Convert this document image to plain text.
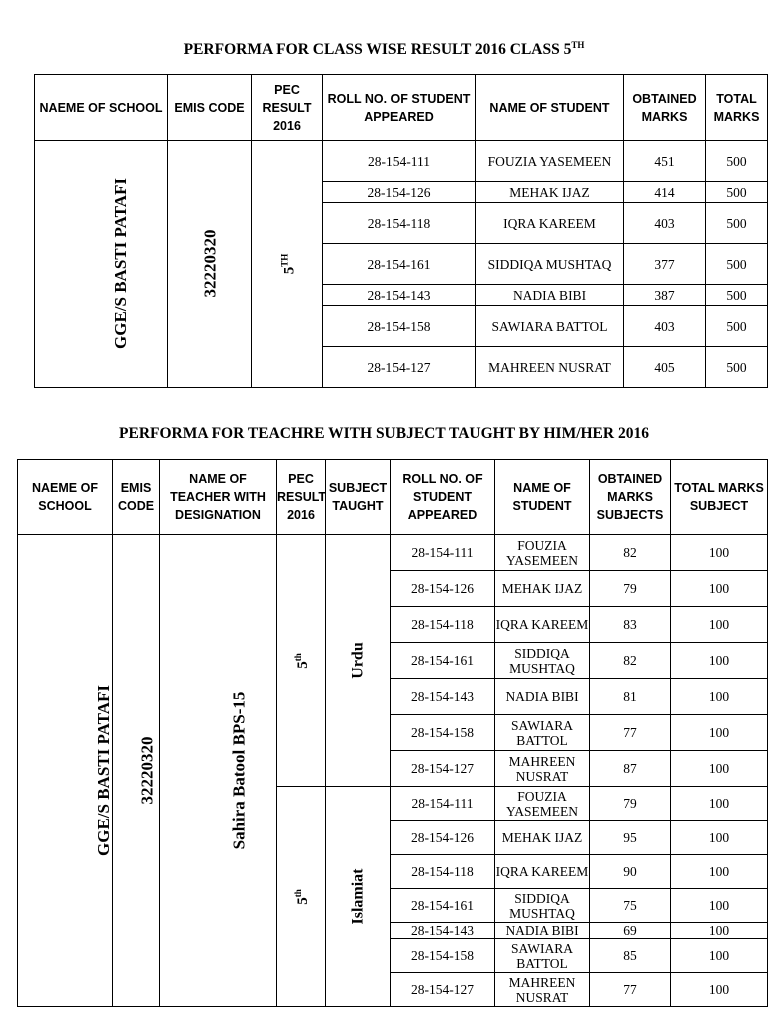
PERFORMA FOR CLASS WISE RESULT 2016 CLASS 5TH
NAEME OF SCHOOL	EMIS CODE	PEC RESULT 2016	ROLL NO. OF STUDENT APPEARED	NAME OF STUDENT	OBTAINED MARKS	TOTAL MARKS
GGE/S BASTI PATAFI	32220320	5TH	28-154-111	FOUZIA YASEMEEN	451	500
			28-154-126	MEHAK IJAZ	414	500
			28-154-118	IQRA KAREEM	403	500
			28-154-161	SIDDIQA MUSHTAQ	377	500
			28-154-143	NADIA BIBI	387	500
			28-154-158	SAWIARA BATTOL	403	500
			28-154-127	MAHREEN NUSRAT	405	500
PERFORMA FOR TEACHRE WITH SUBJECT TAUGHT BY HIM/HER 2016
NAEME OF SCHOOL	EMIS CODE	NAME OF TEACHER WITH DESIGNATION	PEC RESULT 2016	SUBJECT TAUGHT	ROLL NO. OF STUDENT APPEARED	NAME OF STUDENT	OBTAINED MARKS SUBJECTS	TOTAL MARKS SUBJECT
GGE/S BASTI PATAFI	32220320	Sahira Batool BPS-15	5th	Urdu	28-154-111	FOUZIA YASEMEEN	82	100
					28-154-126	MEHAK IJAZ	79	100
					28-154-118	IQRA KAREEM	83	100
					28-154-161	SIDDIQA MUSHTAQ	82	100
					28-154-143	NADIA BIBI	81	100
					28-154-158	SAWIARA BATTOL	77	100
					28-154-127	MAHREEN NUSRAT	87	100
			5th	Islamiat	28-154-111	FOUZIA YASEMEEN	79	100
					28-154-126	MEHAK IJAZ	95	100
					28-154-118	IQRA KAREEM	90	100
					28-154-161	SIDDIQA MUSHTAQ	75	100
					28-154-143	NADIA BIBI	69	100
					28-154-158	SAWIARA BATTOL	85	100
					28-154-127	MAHREEN NUSRAT	77	100
